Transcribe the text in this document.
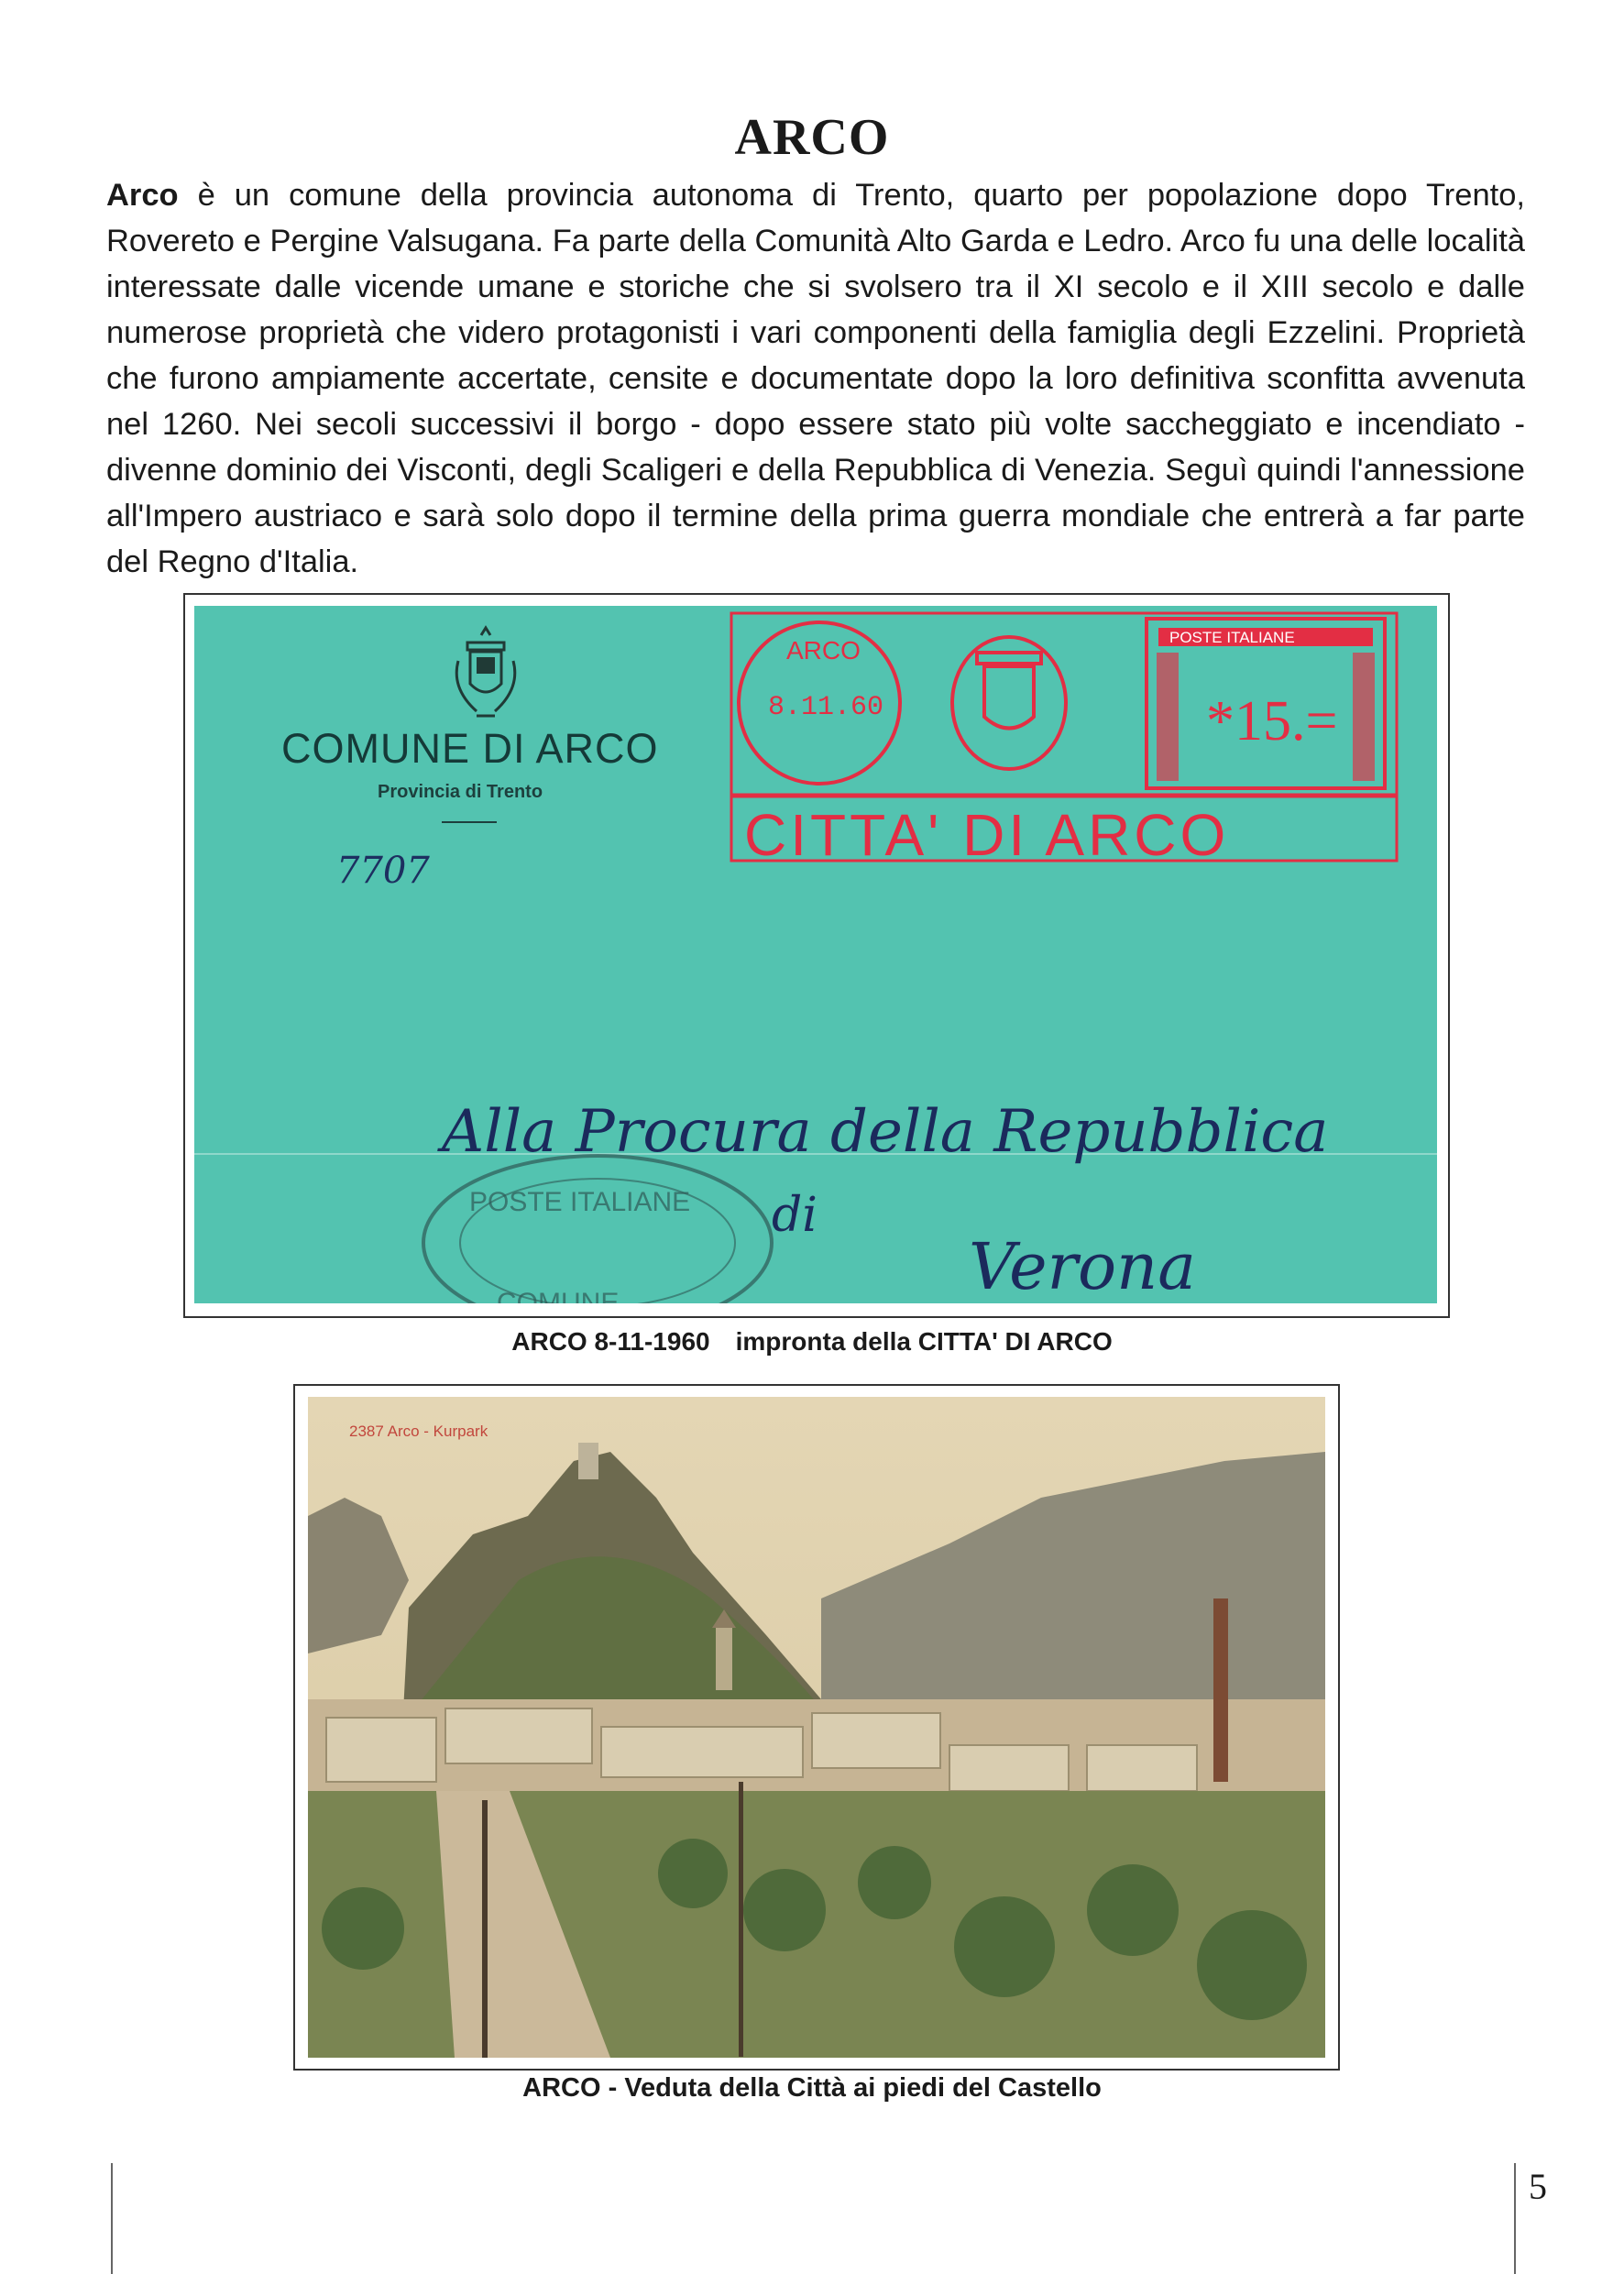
ARCO
Arco è un comune della provincia autonoma di Trento, quarto per popolazione dopo Trento, Rovereto e Pergine Valsugana. Fa parte della Comunità Alto Garda e Ledro. Arco fu una delle località interessate dalle vicende umane e storiche che si svolsero tra il XI secolo e il XIII secolo e dalle numerose proprietà che videro protagonisti i vari componenti della famiglia degli Ezzelini. Proprietà che furono ampiamente accertate, censite e documentate dopo la loro definitiva sconfitta avvenuta nel 1260. Nei secoli successivi il borgo - dopo essere stato più volte saccheggiato e incendiato - divenne dominio dei Visconti, degli Scaligeri e della Repubblica di Venezia. Seguì quindi l'annessione all'Impero austriaco e sarà solo dopo il termine della prima guerra mondiale che entrerà a far parte del Regno d'Italia.
COMUNE DI ARCO
Provincia di Trento
7707
ARCO
8.11.60
POSTE ITALIANE
*15.=
CITTA' DI ARCO
POSTE ITALIANE
COMUNE
Alla Procura della Repubblica
di
Verona
ARCO 8-11-1960 impronta della CITTA' DI ARCO
2387 Arco - Kurpark
ARCO - Veduta della Città ai piedi del Castello
5
